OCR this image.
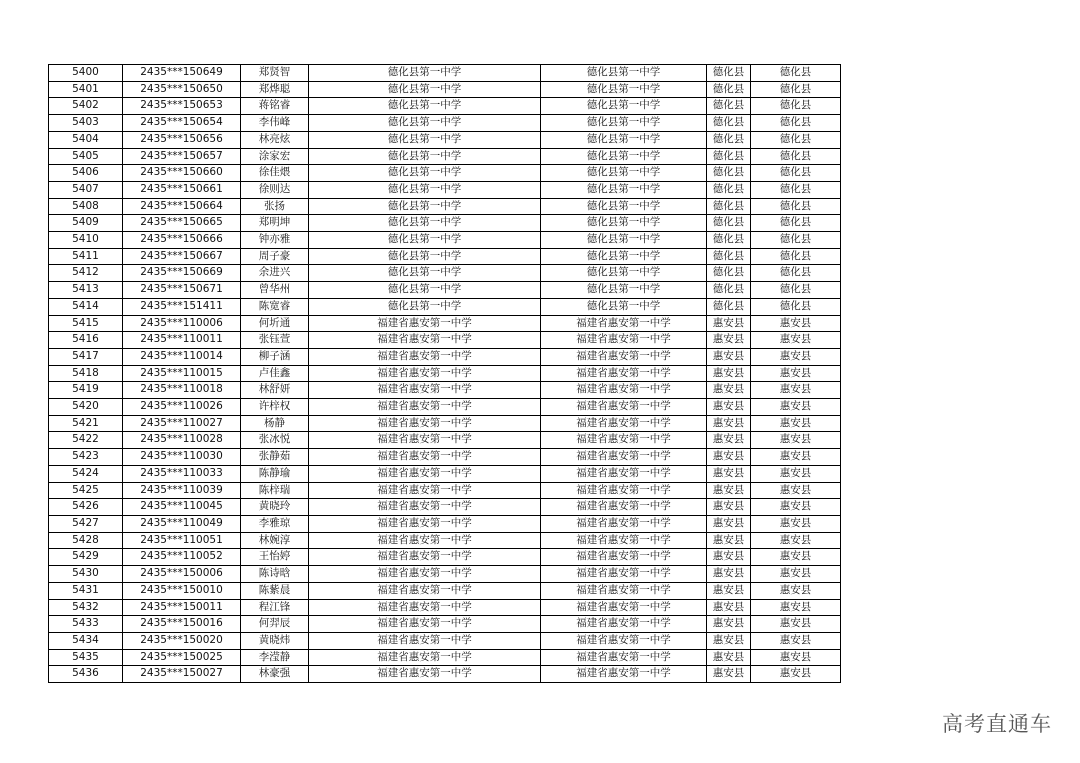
5400	2435***150649	郑贤智	德化县第一中学	德化县第一中学	德化县	德化县
5401	2435***150650	郑烨聪	德化县第一中学	德化县第一中学	德化县	德化县
5402	2435***150653	蒋铭睿	德化县第一中学	德化县第一中学	德化县	德化县
5403	2435***150654	李伟峰	德化县第一中学	德化县第一中学	德化县	德化县
5404	2435***150656	林亮炫	德化县第一中学	德化县第一中学	德化县	德化县
5405	2435***150657	涂家宏	德化县第一中学	德化县第一中学	德化县	德化县
5406	2435***150660	徐佳煨	德化县第一中学	德化县第一中学	德化县	德化县
5407	2435***150661	徐则达	德化县第一中学	德化县第一中学	德化县	德化县
5408	2435***150664	张扬	德化县第一中学	德化县第一中学	德化县	德化县
5409	2435***150665	郑明坤	德化县第一中学	德化县第一中学	德化县	德化县
5410	2435***150666	钟亦雅	德化县第一中学	德化县第一中学	德化县	德化县
5411	2435***150667	周子豪	德化县第一中学	德化县第一中学	德化县	德化县
5412	2435***150669	余进兴	德化县第一中学	德化县第一中学	德化县	德化县
5413	2435***150671	曾华州	德化县第一中学	德化县第一中学	德化县	德化县
5414	2435***151411	陈宽睿	德化县第一中学	德化县第一中学	德化县	德化县
5415	2435***110006	何圻通	福建省惠安第一中学	福建省惠安第一中学	惠安县	惠安县
5416	2435***110011	张钰萱	福建省惠安第一中学	福建省惠安第一中学	惠安县	惠安县
5417	2435***110014	柳子涵	福建省惠安第一中学	福建省惠安第一中学	惠安县	惠安县
5418	2435***110015	卢佳鑫	福建省惠安第一中学	福建省惠安第一中学	惠安县	惠安县
5419	2435***110018	林舒妍	福建省惠安第一中学	福建省惠安第一中学	惠安县	惠安县
5420	2435***110026	许梓权	福建省惠安第一中学	福建省惠安第一中学	惠安县	惠安县
5421	2435***110027	杨静	福建省惠安第一中学	福建省惠安第一中学	惠安县	惠安县
5422	2435***110028	张冰悦	福建省惠安第一中学	福建省惠安第一中学	惠安县	惠安县
5423	2435***110030	张静茹	福建省惠安第一中学	福建省惠安第一中学	惠安县	惠安县
5424	2435***110033	陈静瑜	福建省惠安第一中学	福建省惠安第一中学	惠安县	惠安县
5425	2435***110039	陈梓瑞	福建省惠安第一中学	福建省惠安第一中学	惠安县	惠安县
5426	2435***110045	黄晓玲	福建省惠安第一中学	福建省惠安第一中学	惠安县	惠安县
5427	2435***110049	李雅琼	福建省惠安第一中学	福建省惠安第一中学	惠安县	惠安县
5428	2435***110051	林婉淳	福建省惠安第一中学	福建省惠安第一中学	惠安县	惠安县
5429	2435***110052	王怡婷	福建省惠安第一中学	福建省惠安第一中学	惠安县	惠安县
5430	2435***150006	陈诗晗	福建省惠安第一中学	福建省惠安第一中学	惠安县	惠安县
5431	2435***150010	陈紫晨	福建省惠安第一中学	福建省惠安第一中学	惠安县	惠安县
5432	2435***150011	程江锋	福建省惠安第一中学	福建省惠安第一中学	惠安县	惠安县
5433	2435***150016	何羿辰	福建省惠安第一中学	福建省惠安第一中学	惠安县	惠安县
5434	2435***150020	黄晓炜	福建省惠安第一中学	福建省惠安第一中学	惠安县	惠安县
5435	2435***150025	李滢静	福建省惠安第一中学	福建省惠安第一中学	惠安县	惠安县
5436	2435***150027	林豪强	福建省惠安第一中学	福建省惠安第一中学	惠安县	惠安县
高考直通车
